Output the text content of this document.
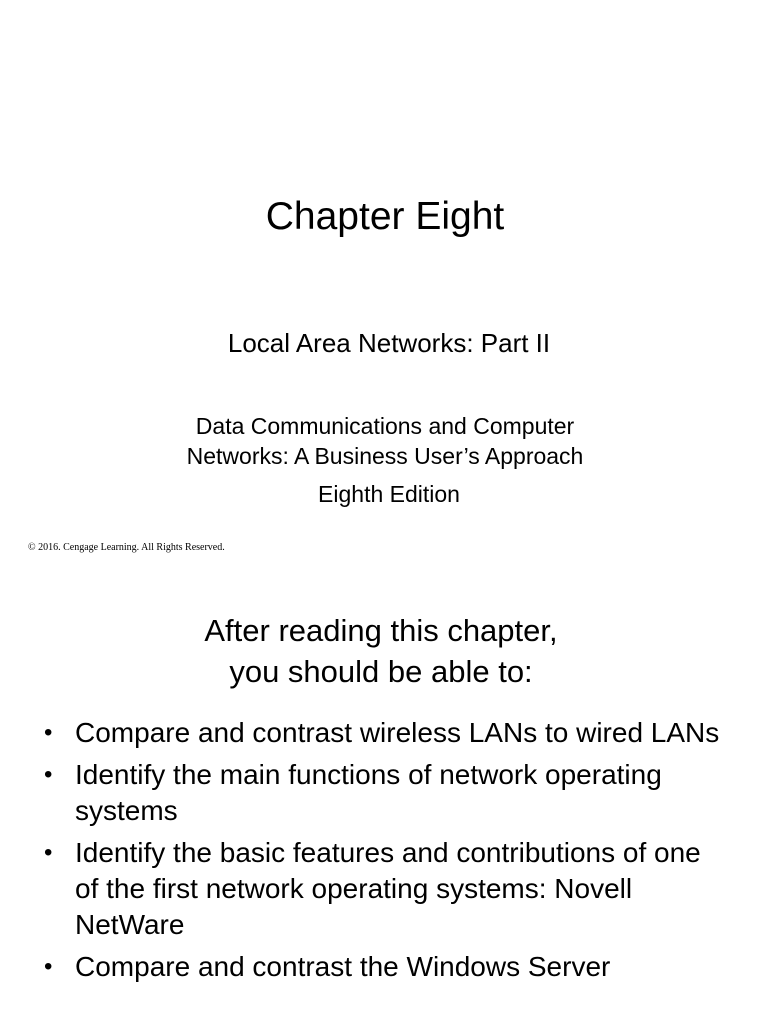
Chapter Eight

Local Area Networks: Part II

Data Communications and Computer
Networks: A Business User’s Approach

Eighth Edition

© 2016. Cengage Learning. All Rights Reserved.

After reading this chapter,
you should be able to:
• Compare and contrast wireless LANs to wired LANs
• Identify the main functions of network operating systems
• Identify the basic features and contributions of one of the first network operating systems: Novell NetWare
• Compare and contrast the Windows Server
